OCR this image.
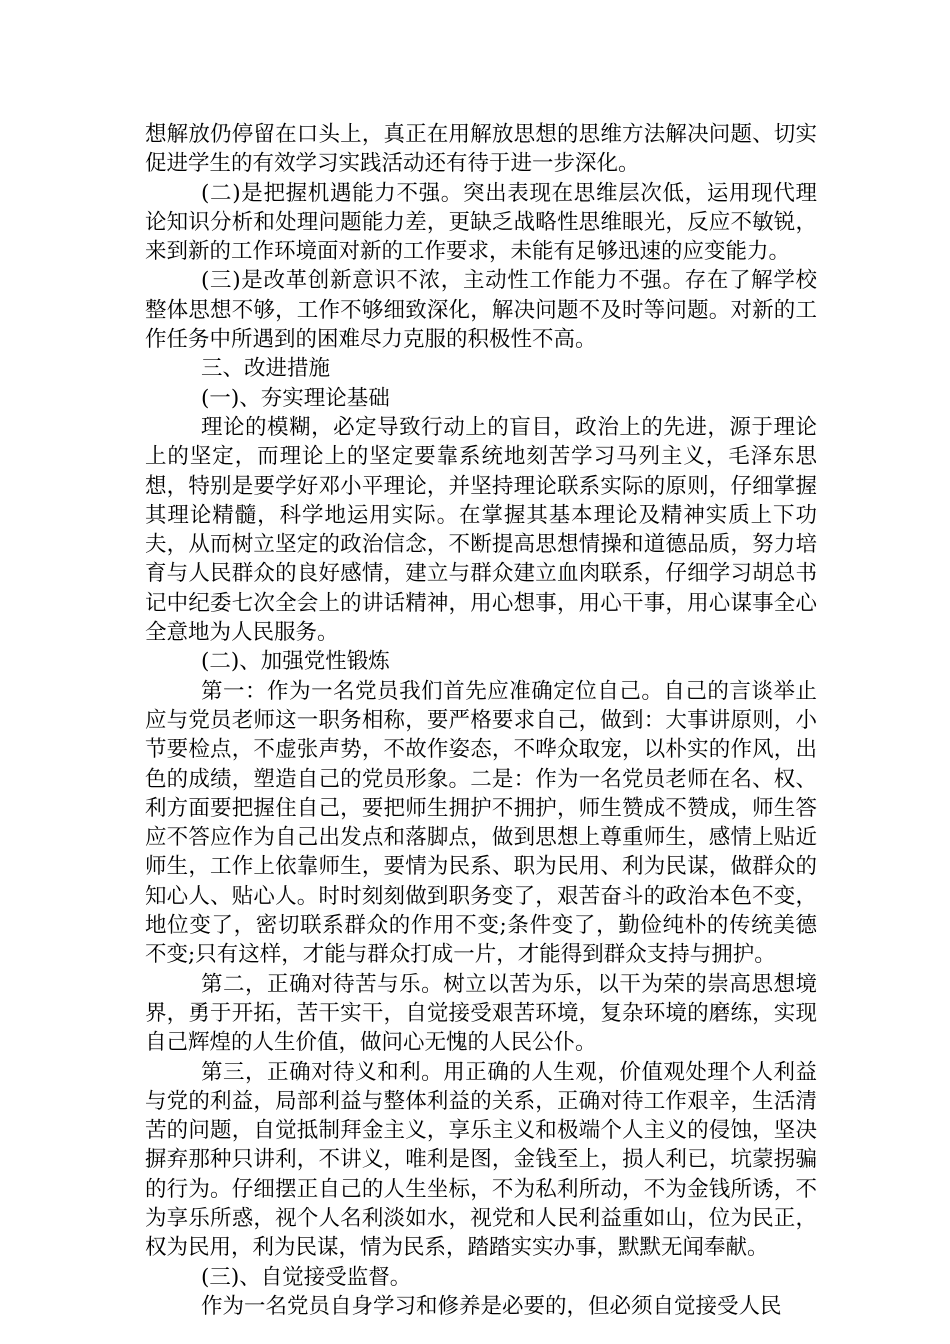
想解放仍停留在口头上，真正在用解放思想的思维方法解决问题、切实促进学生的有效学习实践活动还有待于进一步深化。

(二)是把握机遇能力不强。突出表现在思维层次低，运用现代理论知识分析和处理问题能力差，更缺乏战略性思维眼光，反应不敏锐，来到新的工作环境面对新的工作要求，未能有足够迅速的应变能力。

(三)是改革创新意识不浓，主动性工作能力不强。存在了解学校整体思想不够，工作不够细致深化，解决问题不及时等问题。对新的工作任务中所遇到的困难尽力克服的积极性不高。

三、改进措施

(一)、夯实理论基础

理论的模糊，必定导致行动上的盲目，政治上的先进，源于理论上的坚定，而理论上的坚定要靠系统地刻苦学习马列主义，毛泽东思想，特别是要学好邓小平理论，并坚持理论联系实际的原则，仔细掌握其理论精髓，科学地运用实际。在掌握其基本理论及精神实质上下功夫，从而树立坚定的政治信念，不断提高思想情操和道德品质，努力培育与人民群众的良好感情，建立与群众建立血肉联系，仔细学习胡总书记中纪委七次全会上的讲话精神，用心想事，用心干事，用心谋事全心全意地为人民服务。

(二)、加强党性锻炼

第一：作为一名党员我们首先应准确定位自己。自己的言谈举止应与党员老师这一职务相称，要严格要求自己，做到：大事讲原则，小节要检点，不虚张声势，不故作姿态，不哗众取宠，以朴实的作风，出色的成绩，塑造自己的党员形象。二是：作为一名党员老师在名、权、利方面要把握住自己，要把师生拥护不拥护，师生赞成不赞成，师生答应不答应作为自己出发点和落脚点，做到思想上尊重师生，感情上贴近师生，工作上依靠师生，要情为民系、职为民用、利为民谋，做群众的知心人、贴心人。时时刻刻做到职务变了，艰苦奋斗的政治本色不变，地位变了，密切联系群众的作用不变;条件变了，勤俭纯朴的传统美德不变;只有这样，才能与群众打成一片，才能得到群众支持与拥护。

第二，正确对待苦与乐。树立以苦为乐，以干为荣的崇高思想境界，勇于开拓，苦干实干，自觉接受艰苦环境，复杂环境的磨练，实现自己辉煌的人生价值，做问心无愧的人民公仆。

第三，正确对待义和利。用正确的人生观，价值观处理个人利益与党的利益，局部利益与整体利益的关系，正确对待工作艰辛，生活清苦的问题，自觉抵制拜金主义，享乐主义和极端个人主义的侵蚀，坚决摒弃那种只讲利，不讲义，唯利是图，金钱至上，损人利已，坑蒙拐骗的行为。仔细摆正自己的人生坐标，不为私利所动，不为金钱所诱，不为享乐所惑，视个人名利淡如水，视党和人民利益重如山，位为民正，权为民用，利为民谋，情为民系，踏踏实实办事，默默无闻奉献。

(三)、自觉接受监督。

作为一名党员自身学习和修养是必要的，但必须自觉接受人民
